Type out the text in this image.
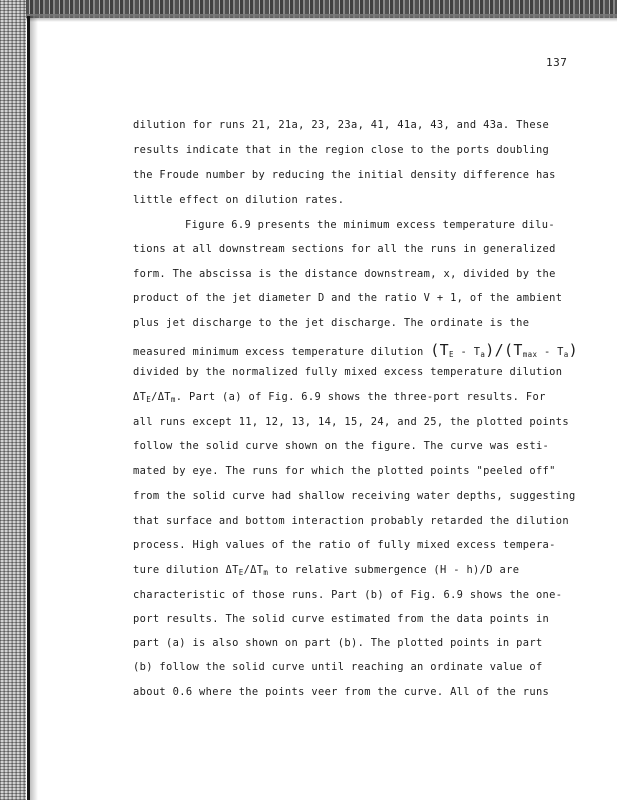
137
dilution for runs 21, 21a, 23, 23a, 41, 41a, 43, and 43a. These
results indicate that in the region close to the ports doubling
the Froude number by reducing the initial density difference has
little effect on dilution rates.
Figure 6.9 presents the minimum excess temperature dilu-
tions at all downstream sections for all the runs in generalized
form. The abscissa is the distance downstream, x, divided by the
product of the jet diameter D and the ratio V + 1, of the ambient
plus jet discharge to the jet discharge. The ordinate is the
measured minimum excess temperature dilution $(T_E - T_a)/(T_{max} - T_a)$
divided by the normalized fully mixed excess temperature dilution
$\Delta T_E/\Delta T_m$. Part (a) of Fig. 6.9 shows the three-port results. For
all runs except 11, 12, 13, 14, 15, 24, and 25, the plotted points
follow the solid curve shown on the figure. The curve was esti-
mated by eye. The runs for which the plotted points "peeled off"
from the solid curve had shallow receiving water depths, suggesting
that surface and bottom interaction probably retarded the dilution
process. High values of the ratio of fully mixed excess tempera-
ture dilution $\Delta T_E/\Delta T_m$ to relative submergence (H - h)/D are
characteristic of those runs. Part (b) of Fig. 6.9 shows the one-
port results. The solid curve estimated from the data points in
part (a) is also shown on part (b). The plotted points in part
(b) follow the solid curve until reaching an ordinate value of
about 0.6 where the points veer from the curve. All of the runs
